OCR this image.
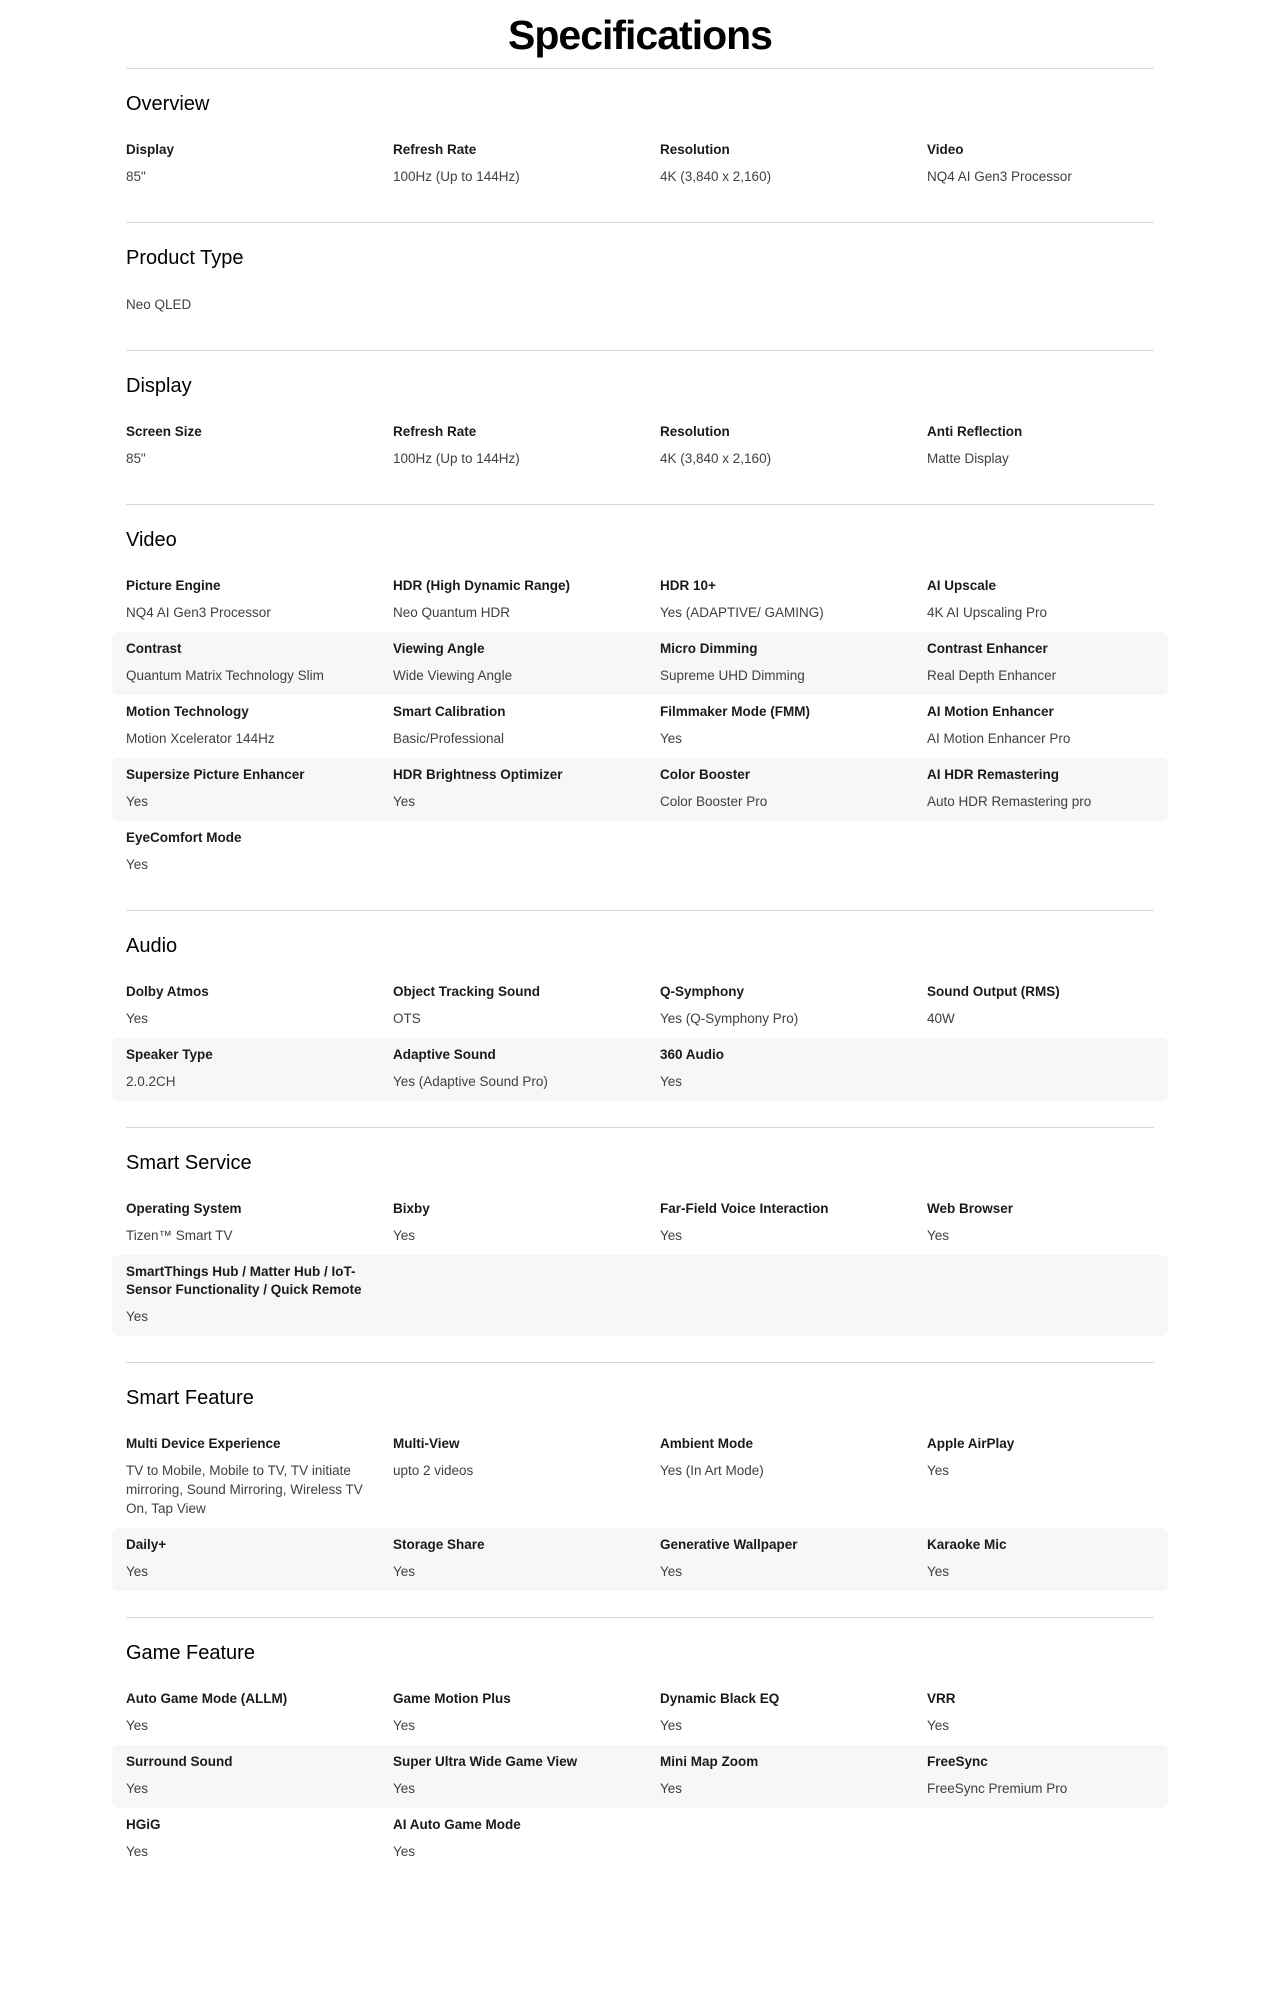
Specifications
Overview
Display
85"
Refresh Rate
100Hz (Up to 144Hz)
Resolution
4K (3,840 x 2,160)
Video
NQ4 AI Gen3 Processor
Product Type
Neo QLED
Display
Screen Size
85"
Refresh Rate
100Hz (Up to 144Hz)
Resolution
4K (3,840 x 2,160)
Anti Reflection
Matte Display
Video
Picture Engine
NQ4 AI Gen3 Processor
HDR (High Dynamic Range)
Neo Quantum HDR
HDR 10+
Yes (ADAPTIVE/ GAMING)
AI Upscale
4K AI Upscaling Pro
Contrast
Quantum Matrix Technology Slim
Viewing Angle
Wide Viewing Angle
Micro Dimming
Supreme UHD Dimming
Contrast Enhancer
Real Depth Enhancer
Motion Technology
Motion Xcelerator 144Hz
Smart Calibration
Basic/Professional
Filmmaker Mode (FMM)
Yes
AI Motion Enhancer
AI Motion Enhancer Pro
Supersize Picture Enhancer
Yes
HDR Brightness Optimizer
Yes
Color Booster
Color Booster Pro
AI HDR Remastering
Auto HDR Remastering pro
EyeComfort Mode
Yes
Audio
Dolby Atmos
Yes
Object Tracking Sound
OTS
Q-Symphony
Yes (Q-Symphony Pro)
Sound Output (RMS)
40W
Speaker Type
2.0.2CH
Adaptive Sound
Yes (Adaptive Sound Pro)
360 Audio
Yes
Smart Service
Operating System
Tizen™ Smart TV
Bixby
Yes
Far-Field Voice Interaction
Yes
Web Browser
Yes
SmartThings Hub / Matter Hub / IoT-Sensor Functionality / Quick Remote
Yes
Smart Feature
Multi Device Experience
TV to Mobile, Mobile to TV, TV initiate mirroring, Sound Mirroring, Wireless TV On, Tap View
Multi-View
upto 2 videos
Ambient Mode
Yes (In Art Mode)
Apple AirPlay
Yes
Daily+
Yes
Storage Share
Yes
Generative Wallpaper
Yes
Karaoke Mic
Yes
Game Feature
Auto Game Mode (ALLM)
Yes
Game Motion Plus
Yes
Dynamic Black EQ
Yes
VRR
Yes
Surround Sound
Yes
Super Ultra Wide Game View
Yes
Mini Map Zoom
Yes
FreeSync
FreeSync Premium Pro
HGiG
Yes
AI Auto Game Mode
Yes
